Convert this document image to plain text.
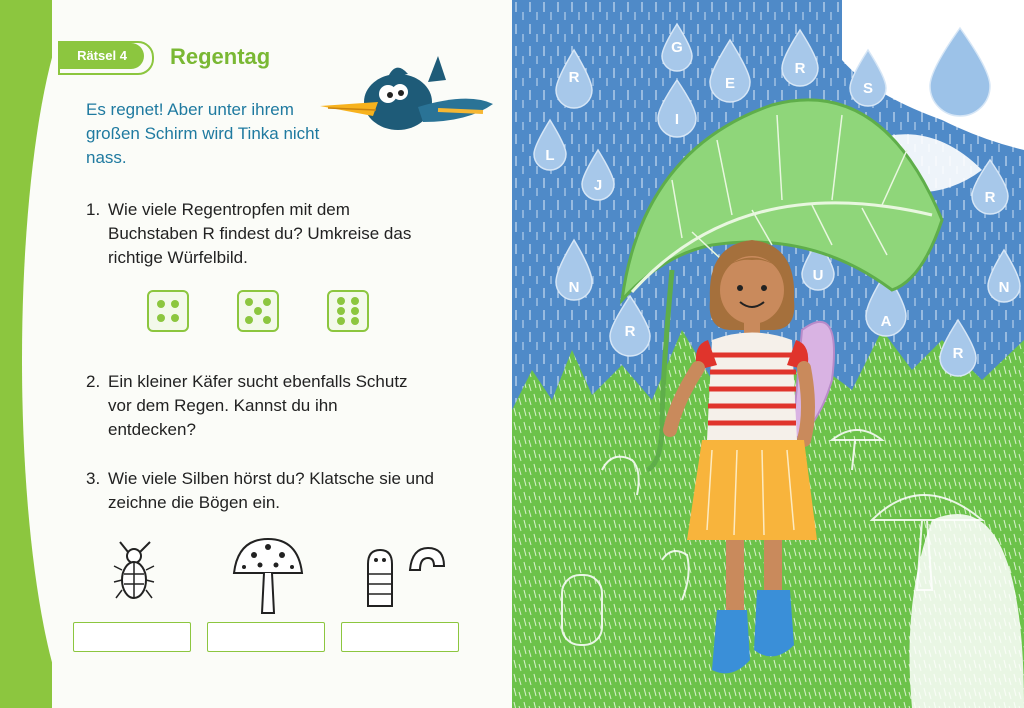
Rätsel 4	Regentag
Es regnet! Aber unter ihrem großen Schirm wird Tinka nicht nass.
1. Wie viele Regentropfen mit dem Buchstaben R findest du? Umkreise das richtige Würfelbild.
2. Ein kleiner Käfer sucht ebenfalls Schutz vor dem Regen. Kannst du ihn entdecken?
3. Wie viele Silben hörst du? Klatsche sie und zeichne die Bögen ein.
R
G
E
R
S
I
L
J
R
N
U
N
R
A
R
